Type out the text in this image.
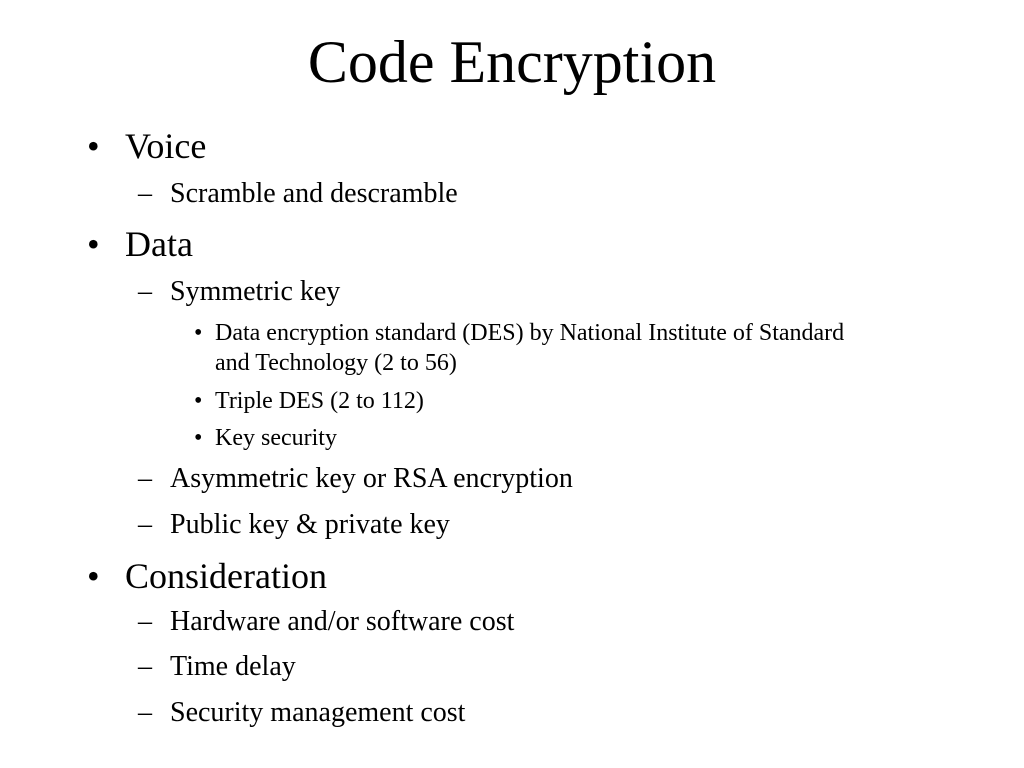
Code Encryption
• Voice
– Scramble and descramble
• Data
– Symmetric key
• Data encryption standard (DES) by National Institute of Standard and Technology (2 to 56)
• Triple DES (2 to 112)
• Key security
– Asymmetric key or RSA encryption
– Public key & private key
• Consideration
– Hardware and/or software cost
– Time delay
– Security management cost
